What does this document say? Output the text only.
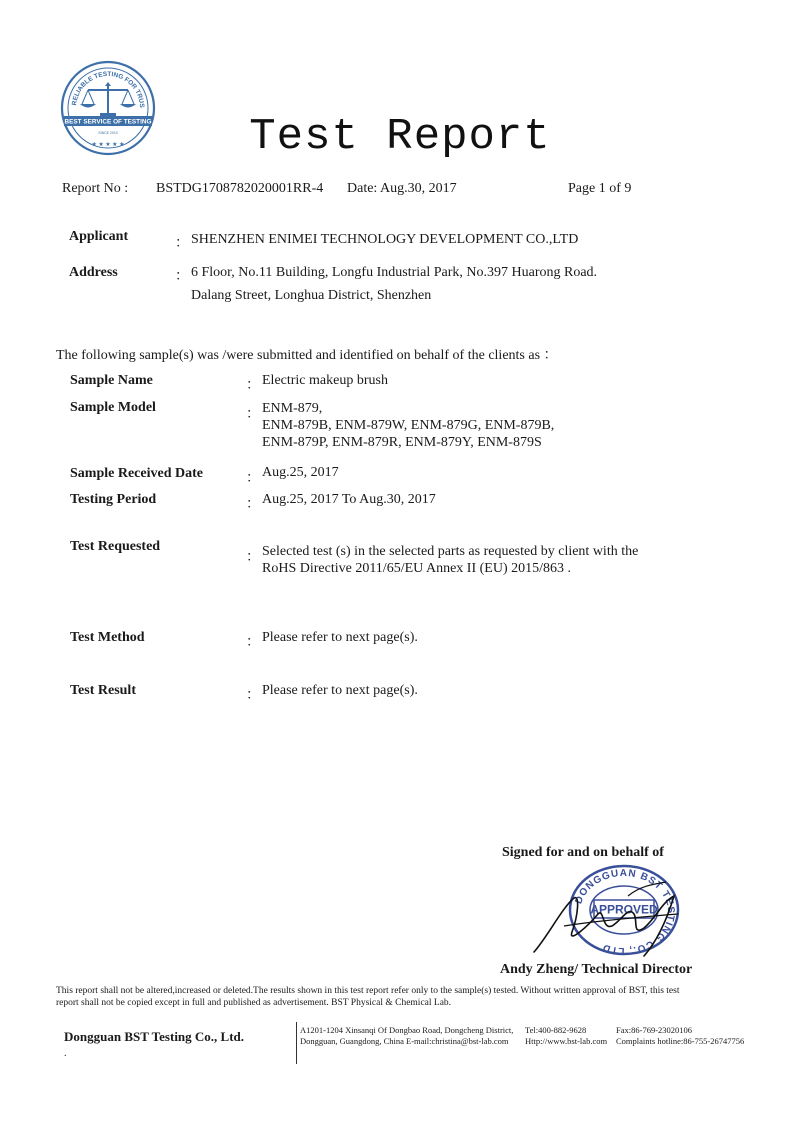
RELIABLE TESTING FOR TRUS
BEST SERVICE OF TESTING
SINCE 2010
★ ★ ★ ★ ★	Test Report
Report No : BSTDG1708782020001RR-4 Date: Aug.30, 2017	Page 1 of 9
Applicant	： SHENZHEN ENIMEI TECHNOLOGY DEVELOPMENT CO.,LTD
Address	： 6 Floor, No.11 Building, Longfu Industrial Park, No.397 Huarong Road.
Dalang Street, Longhua District, Shenzhen
The following sample(s) was /were submitted and identified on behalf of the clients as ：
Sample Name	： Electric makeup brush
Sample Model	： ENM-879,
ENM-879B, ENM-879W, ENM-879G, ENM-879B,
ENM-879P, ENM-879R, ENM-879Y, ENM-879S
Sample Received Date	： Aug.25, 2017
Testing Period	： Aug.25, 2017 To Aug.30, 2017
Test Requested
： Selected test (s) in the selected parts as requested by client with the
RoHS Directive 2011/65/EU Annex II (EU) 2015/863 .
Test Method	： Please refer to next page(s).
Test Result	： Please refer to next page(s).
Signed for and on behalf of
DONGGUAN BST TESTING CO., LTD
APPROVED
Andy Zheng/ Technical Director
This report shall not be altered,increased or deleted.The results shown in this test report refer only to the sample(s) tested. Without written approval of BST, this test
report shall not be copied except in full and published as advertisement. BST Physical & Chemical Lab.
Dongguan BST Testing Co., Ltd.
.
A1201-1204 Xinsanqi Of Dongbao Road, Dongcheng District,
Dongguan, Guangdong, China E-mail:christina@bst-lab.com
Tel:400-882-9628
Http://www.bst-lab.com
Fax:86-769-23020106
Complaints hotline:86-755-26747756
